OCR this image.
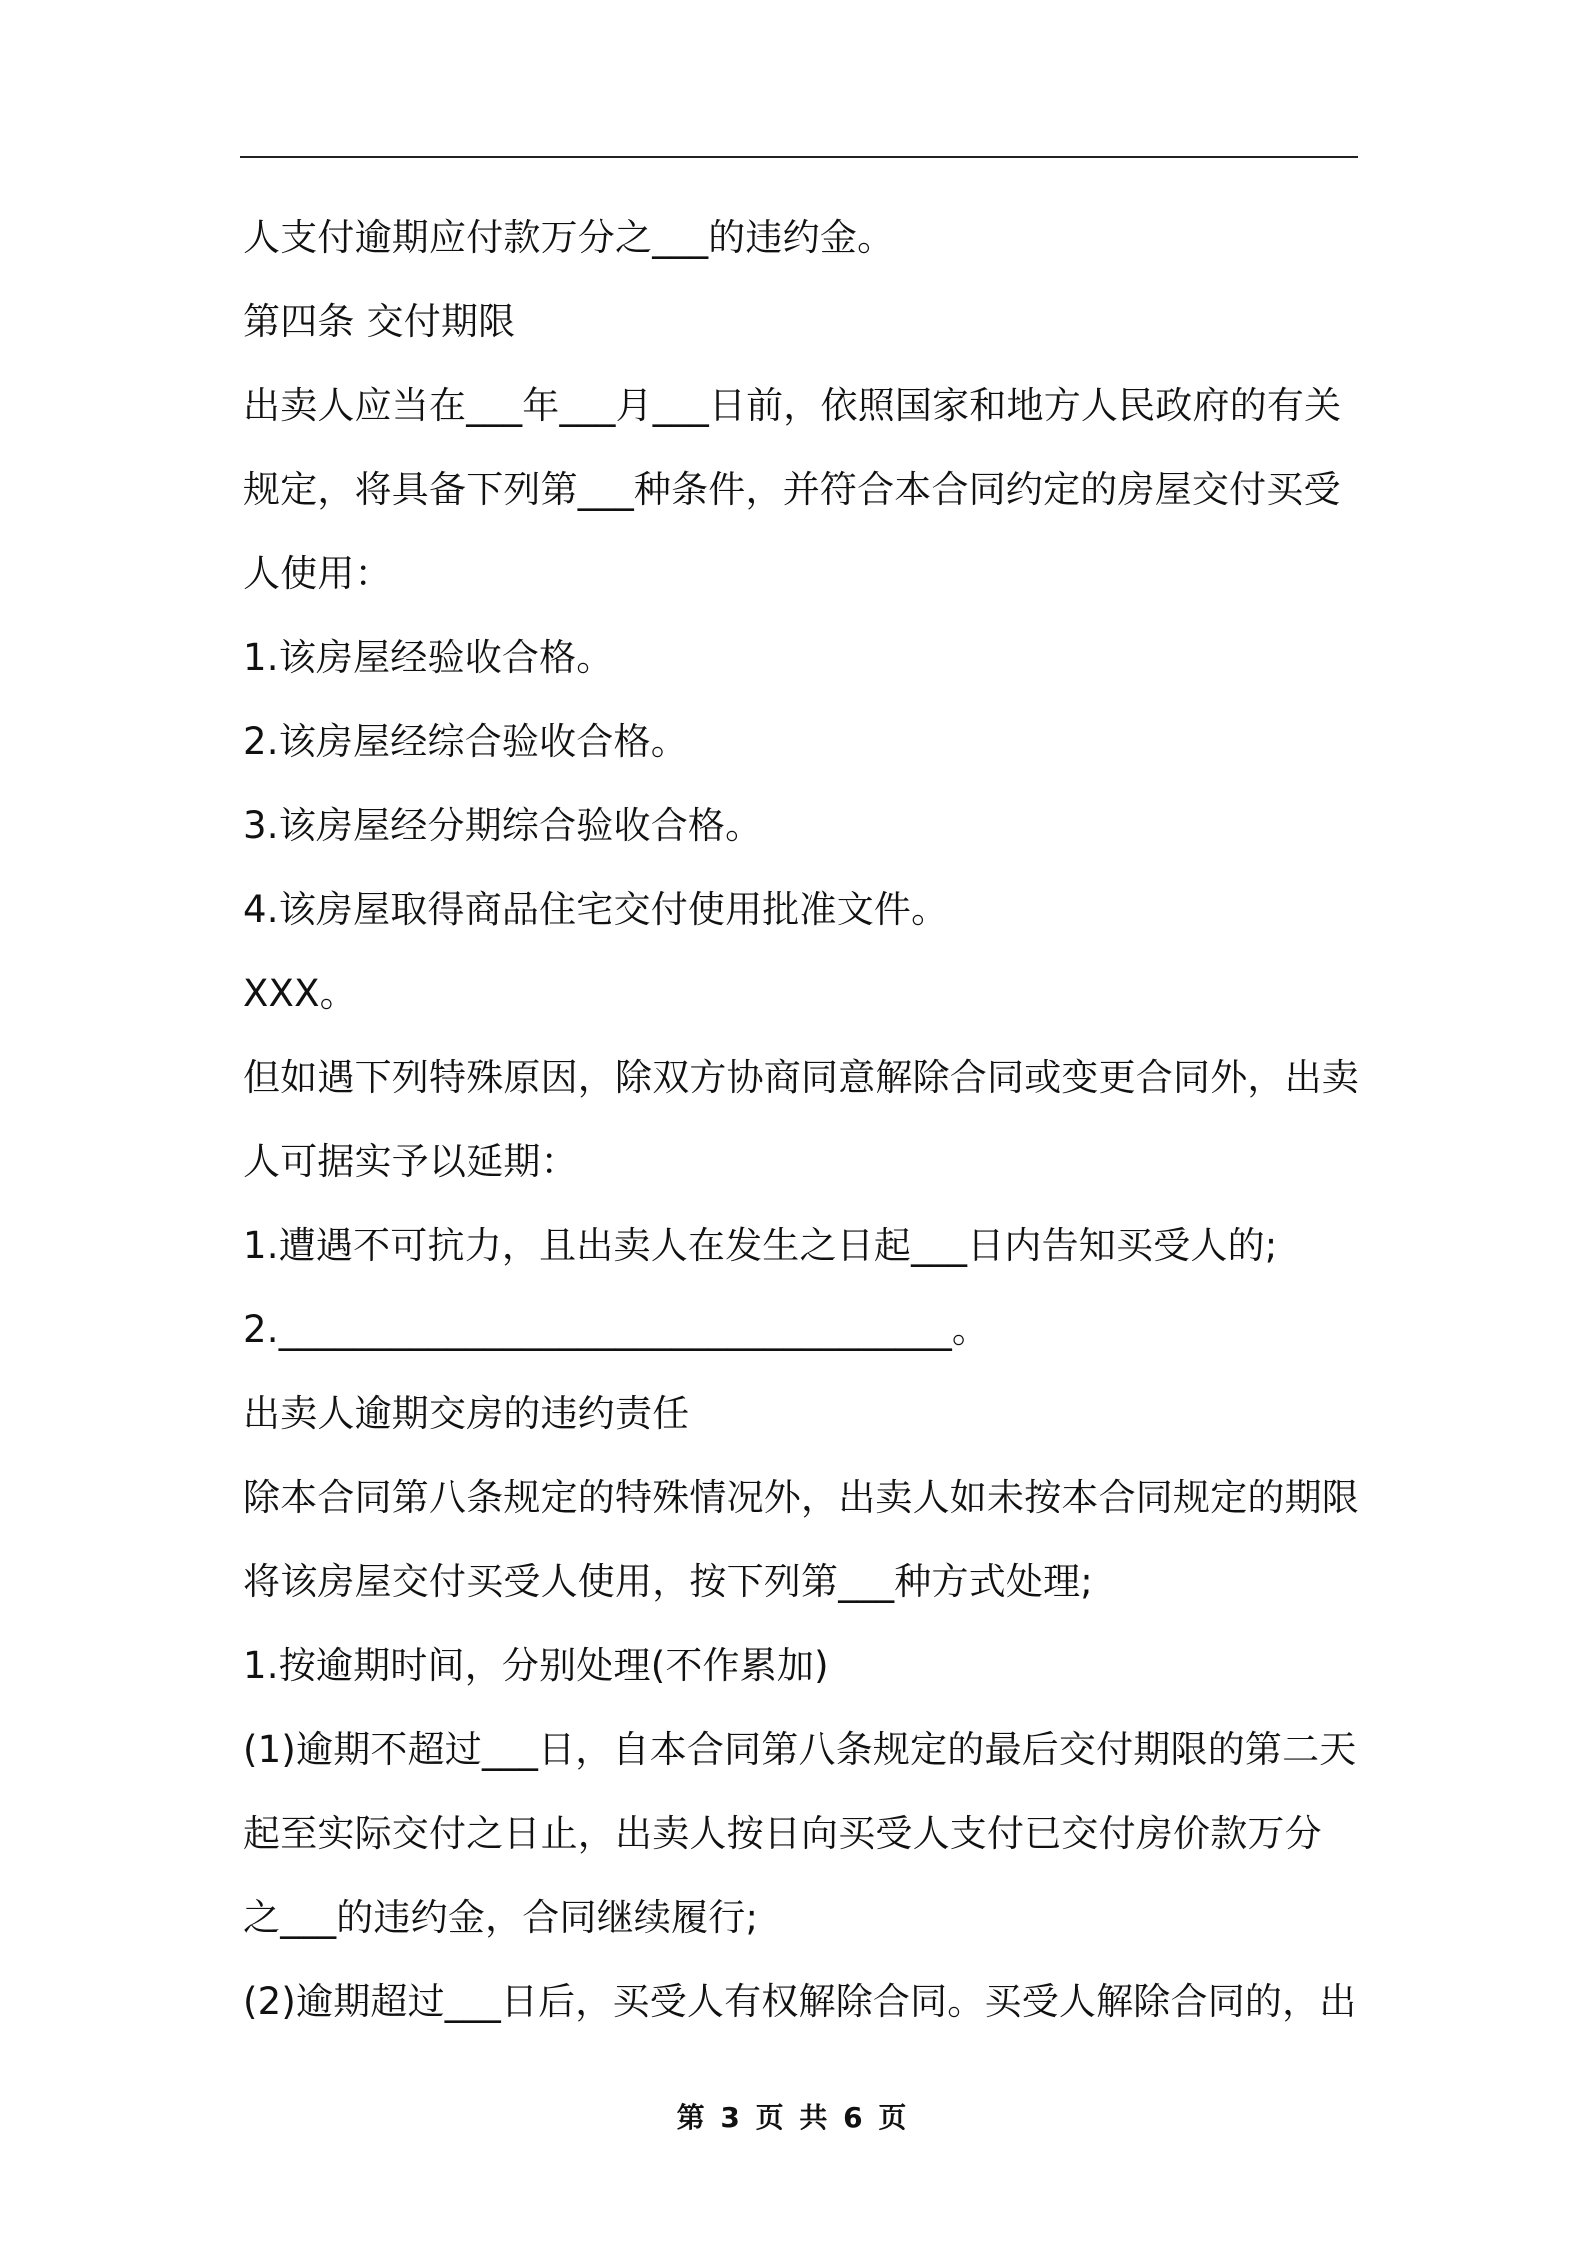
人支付逾期应付款万分之___的违约金。
第四条 交付期限
出卖人应当在___年___月___日前，依照国家和地方人民政府的有关
规定，将具备下列第___种条件，并符合本合同约定的房屋交付买受
人使用：
1.该房屋经验收合格。
2.该房屋经综合验收合格。
3.该房屋经分期综合验收合格。
4.该房屋取得商品住宅交付使用批准文件。
XXX。
但如遇下列特殊原因，除双方协商同意解除合同或变更合同外，出卖
人可据实予以延期：
1.遭遇不可抗力，且出卖人在发生之日起___日内告知买受人的;
2.____________________________________。
出卖人逾期交房的违约责任
除本合同第八条规定的特殊情况外，出卖人如未按本合同规定的期限
将该房屋交付买受人使用，按下列第___种方式处理;
1.按逾期时间，分别处理(不作累加)
(1)逾期不超过___日，自本合同第八条规定的最后交付期限的第二天
起至实际交付之日止，出卖人按日向买受人支付已交付房价款万分
之___的违约金，合同继续履行;
(2)逾期超过___日后，买受人有权解除合同。买受人解除合同的，出
第 3 页 共 6 页
